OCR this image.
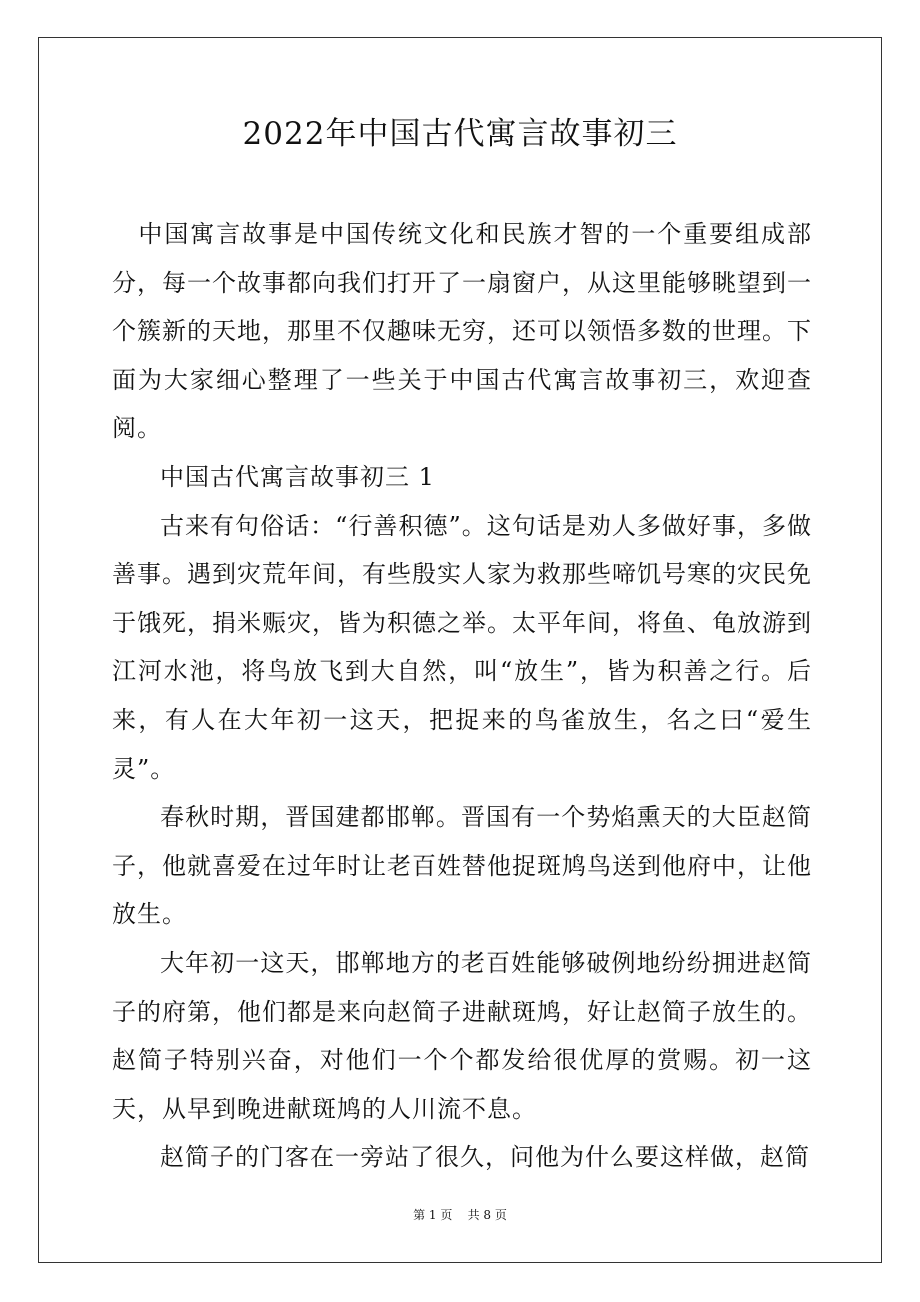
2022年中国古代寓言故事初三

中国寓言故事是中国传统文化和民族才智的一个重要组成部分，每一个故事都向我们打开了一扇窗户，从这里能够眺望到一个簇新的天地，那里不仅趣味无穷，还可以领悟多数的世理。下面为大家细心整理了一些关于中国古代寓言故事初三，欢迎查阅。

中国古代寓言故事初三 1

古来有句俗话：“行善积德”。这句话是劝人多做好事，多做善事。遇到灾荒年间，有些殷实人家为救那些啼饥号寒的灾民免于饿死，捐米赈灾，皆为积德之举。太平年间，将鱼、龟放游到江河水池，将鸟放飞到大自然，叫“放生”，皆为积善之行。后来，有人在大年初一这天，把捉来的鸟雀放生，名之曰“爱生灵”。

春秋时期，晋国建都邯郸。晋国有一个势焰熏天的大臣赵简子，他就喜爱在过年时让老百姓替他捉斑鸠鸟送到他府中，让他放生。

大年初一这天，邯郸地方的老百姓能够破例地纷纷拥进赵简子的府第，他们都是来向赵简子进献斑鸠，好让赵简子放生的。赵简子特别兴奋，对他们一个个都发给很优厚的赏赐。初一这天，从早到晚进献斑鸠的人川流不息。

赵简子的门客在一旁站了很久，问他为什么要这样做，赵简

第 1 页    共 8 页
